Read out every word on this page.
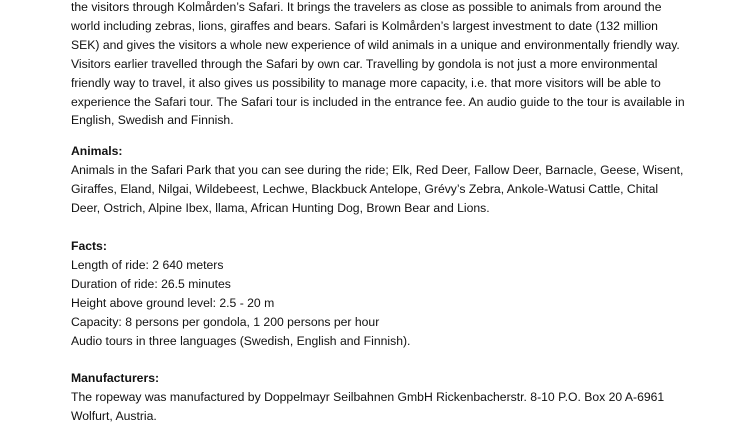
the visitors through Kolmården’s Safari. It brings the travelers as close as possible to animals from around the
world including zebras, lions, giraffes and bears. Safari is Kolmården’s largest investment to date (132 million
SEK) and gives the visitors a whole new experience of wild animals in a unique and environmentally friendly way.
Visitors earlier travelled through the Safari by own car. Travelling by gondola is not just a more environmental
friendly way to travel, it also gives us possibility to manage more capacity, i.e. that more visitors will be able to
experience the Safari tour. The Safari tour is included in the entrance fee. An audio guide to the tour is available in
English, Swedish and Finnish.
Animals:
Animals in the Safari Park that you can see during the ride; Elk, Red Deer, Fallow Deer, Barnacle, Geese, Wisent,
Giraffes, Eland, Nilgai, Wildebeest, Lechwe, Blackbuck Antelope, Grévy’s Zebra, Ankole-Watusi Cattle, Chital
Deer, Ostrich, Alpine Ibex, llama, African Hunting Dog, Brown Bear and Lions.
Facts:
Length of ride: 2 640 meters
Duration of ride: 26.5 minutes
Height above ground level: 2.5 - 20 m
Capacity: 8 persons per gondola, 1 200 persons per hour
Audio tours in three languages (Swedish, English and Finnish).
Manufacturers:
The ropeway was manufactured by Doppelmayr Seilbahnen GmbH Rickenbacherstr. 8-10 P.O. Box 20 A-6961
Wolfurt, Austria.
